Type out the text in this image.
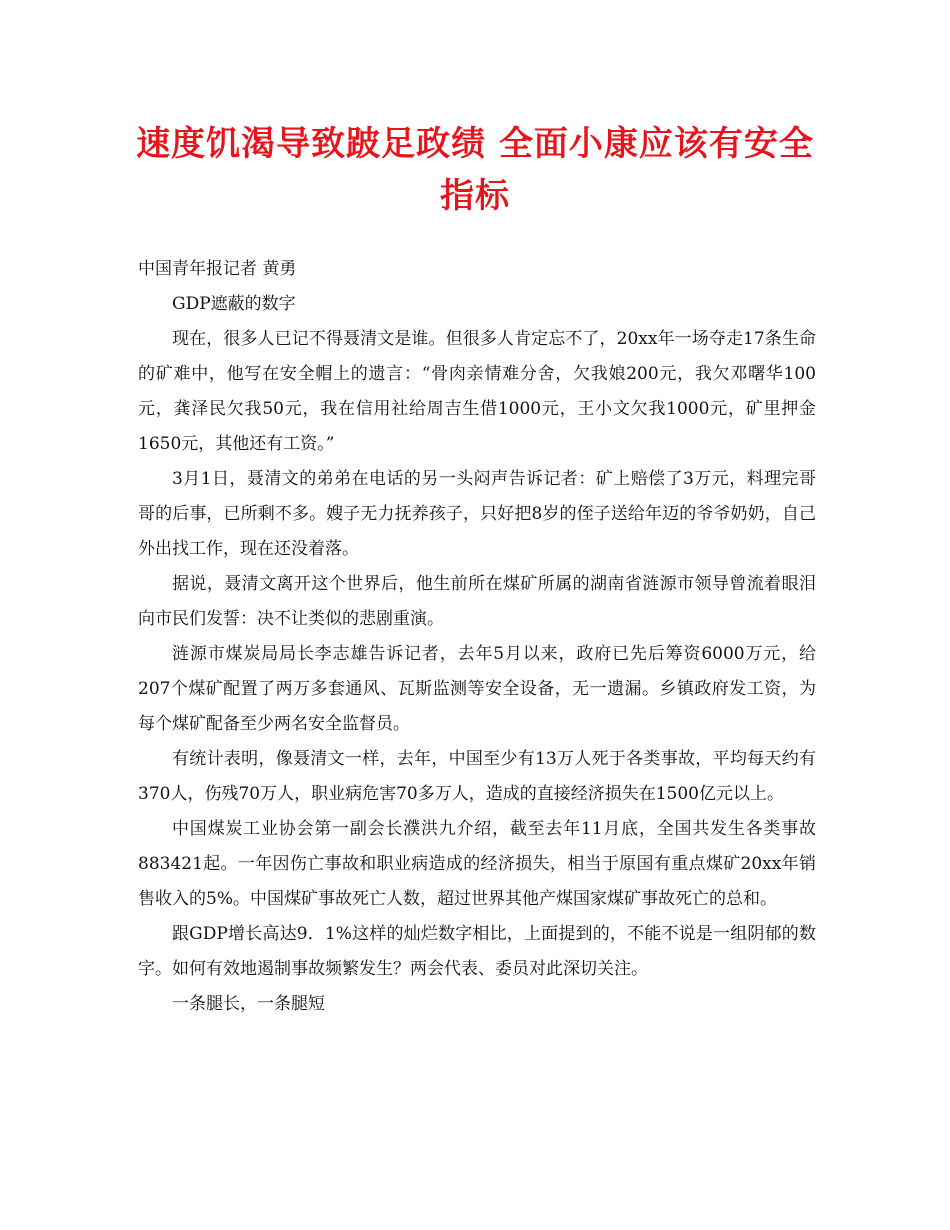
速度饥渴导致跛足政绩 全面小康应该有安全指标

中国青年报记者 黄勇

GDP遮蔽的数字

现在，很多人已记不得聂清文是谁。但很多人肯定忘不了，20xx年一场夺走17条生命的矿难中，他写在安全帽上的遗言：“骨肉亲情难分舍，欠我娘200元，我欠邓曙华100元，龚泽民欠我50元，我在信用社给周吉生借1000元，王小文欠我1000元，矿里押金1650元，其他还有工资。”

3月1日，聂清文的弟弟在电话的另一头闷声告诉记者：矿上赔偿了3万元，料理完哥哥的后事，已所剩不多。嫂子无力抚养孩子，只好把8岁的侄子送给年迈的爷爷奶奶，自己外出找工作，现在还没着落。

据说，聂清文离开这个世界后，他生前所在煤矿所属的湖南省涟源市领导曾流着眼泪向市民们发誓：决不让类似的悲剧重演。

涟源市煤炭局局长李志雄告诉记者，去年5月以来，政府已先后筹资6000万元，给207个煤矿配置了两万多套通风、瓦斯监测等安全设备，无一遗漏。乡镇政府发工资，为每个煤矿配备至少两名安全监督员。

有统计表明，像聂清文一样，去年，中国至少有13万人死于各类事故，平均每天约有370人，伤残70万人，职业病危害70多万人，造成的直接经济损失在1500亿元以上。

中国煤炭工业协会第一副会长濮洪九介绍，截至去年11月底，全国共发生各类事故883421起。一年因伤亡事故和职业病造成的经济损失，相当于原国有重点煤矿20xx年销售收入的5%。中国煤矿事故死亡人数，超过世界其他产煤国家煤矿事故死亡的总和。

跟GDP增长高达9．1%这样的灿烂数字相比，上面提到的，不能不说是一组阴郁的数字。如何有效地遏制事故频繁发生？两会代表、委员对此深切关注。

一条腿长，一条腿短
